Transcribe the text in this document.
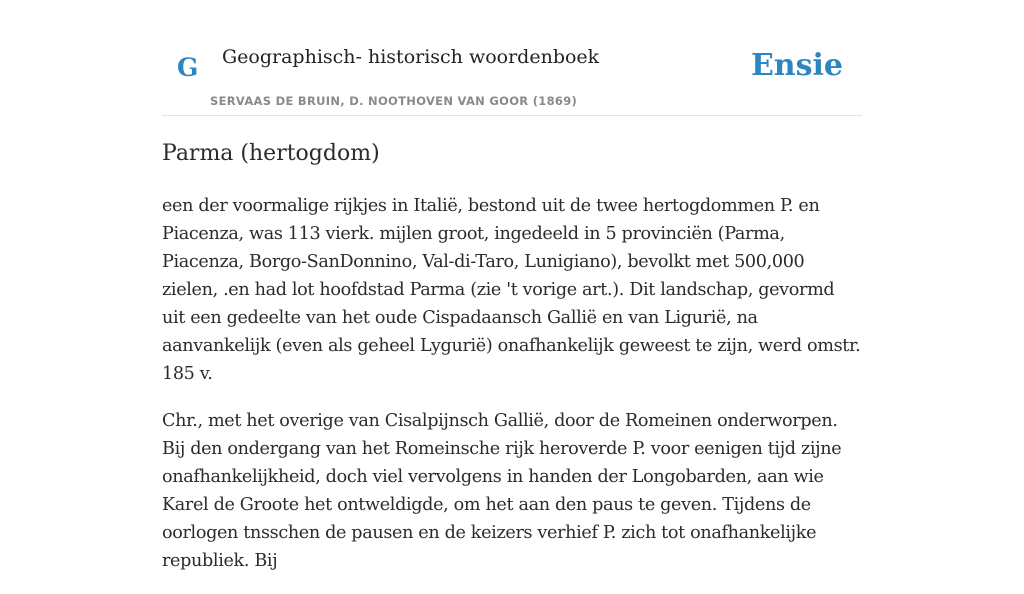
G Geographisch- historisch woordenboek
SERVAAS DE BRUIN, D. NOOTHOVEN VAN GOOR (1869)
Ensie
Parma (hertogdom)

een der voormalige rijkjes in Italië, bestond uit de twee hertogdommen P. en Piacenza, was 113 vierk. mijlen groot, ingedeeld in 5 provinciën (Parma, Piacenza, Borgo-SanDonnino, Val-di-Taro, Lunigiano), bevolkt met 500,000 zielen, .en had lot hoofdstad Parma (zie 't vorige art.). Dit landschap, gevormd uit een gedeelte van het oude Cispadaansch Gallië en van Ligurië, na aanvankelijk (even als geheel Lygurië) onafhankelijk geweest te zijn, werd omstr. 185 v.

Chr., met het overige van Cisalpijnsch Gallië, door de Romeinen onderworpen. Bij den ondergang van het Romeinsche rijk heroverde P. voor eenigen tijd zijne onafhankelijkheid, doch viel vervolgens in handen der Longobarden, aan wie Karel de Groote het ontweldigde, om het aan den paus te geven. Tijdens de oorlogen tnsschen de pausen en de keizers verhief P. zich tot onafhankelijke republiek. Bij
